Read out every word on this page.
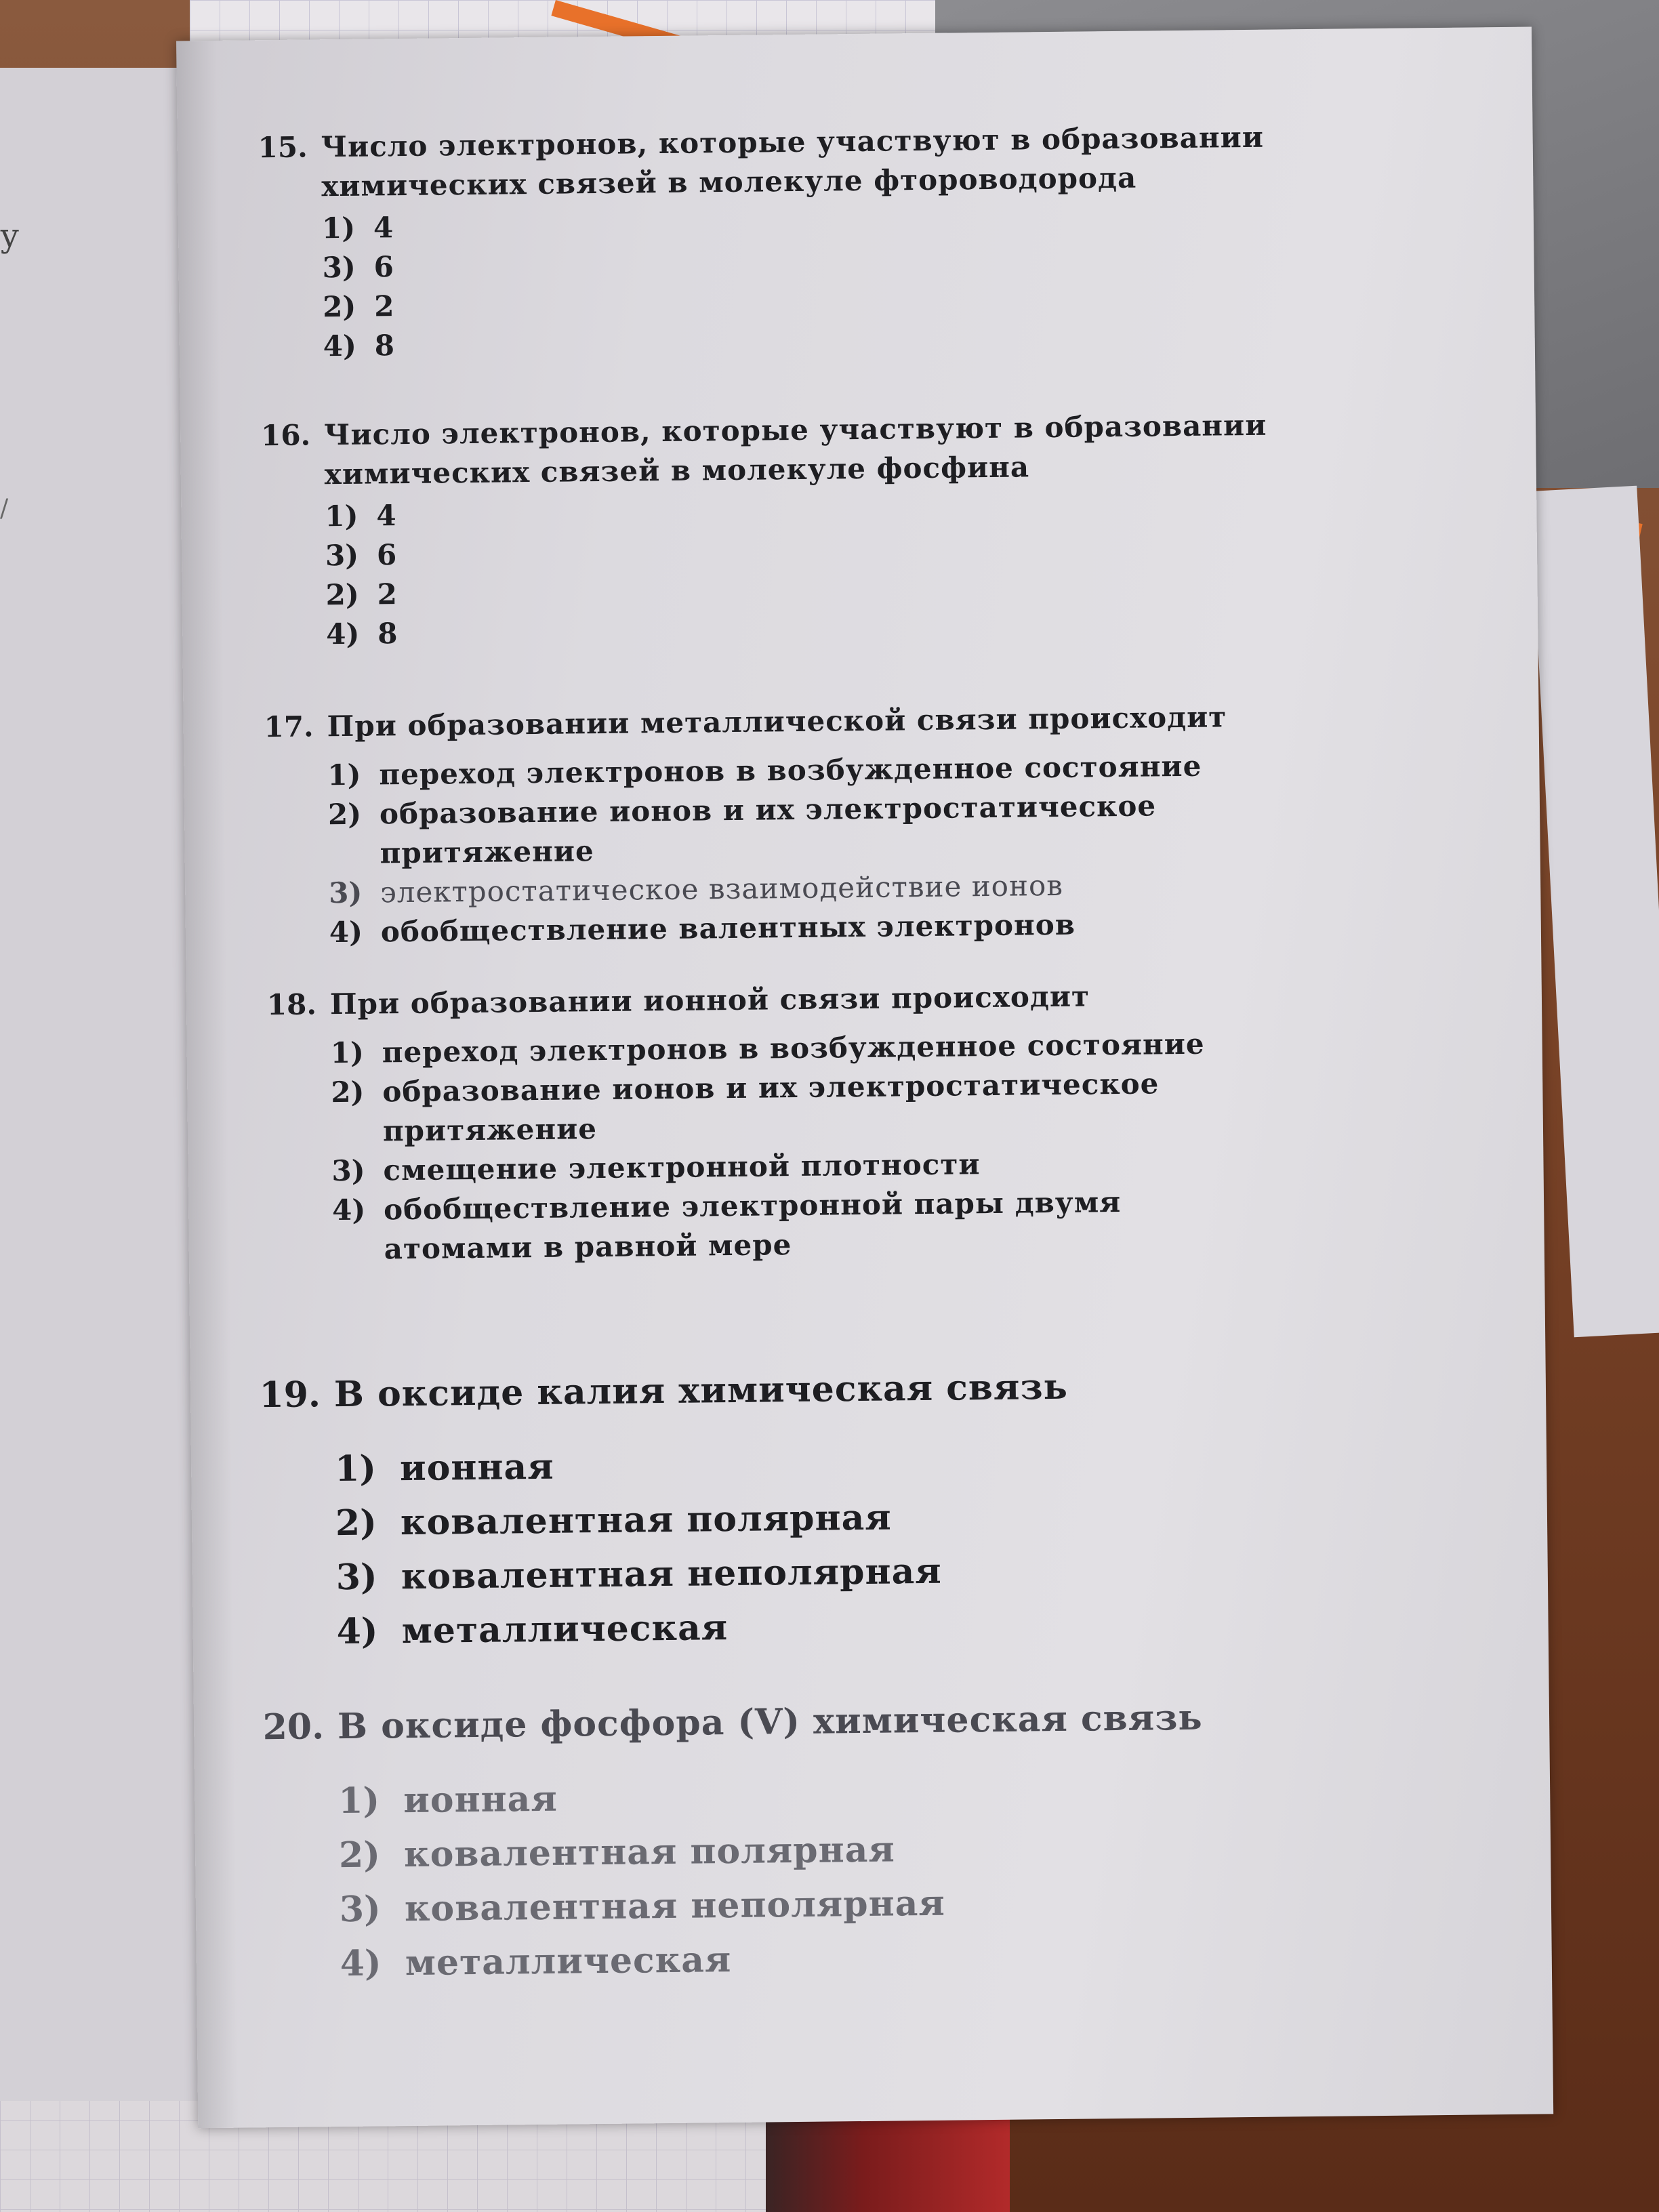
у
/
15. Число электронов, которые участвуют в образовании химических связей в молекуле фтороводорода
1) 4
3) 6
2) 2
4) 8
16. Число электронов, которые участвуют в образовании химических связей в молекуле фосфина
1) 4
3) 6
2) 2
4) 8
17. При образовании металлической связи происходит
1) переход электронов в возбужденное состояние
2) образование ионов и их электростатическое притяжение
3) электростатическое взаимодействие ионов
4) обобществление валентных электронов
18. При образовании ионной связи происходит
1) переход электронов в возбужденное состояние
2) образование ионов и их электростатическое притяжение
3) смещение электронной плотности
4) обобществление электронной пары двумя атомами в равной мере
19. В оксиде калия химическая связь
1) ионная
2) ковалентная полярная
3) ковалентная неполярная
4) металлическая
20. В оксиде фосфора (V) химическая связь
1) ионная
2) ковалентная полярная
3) ковалентная неполярная
4) металлическая
